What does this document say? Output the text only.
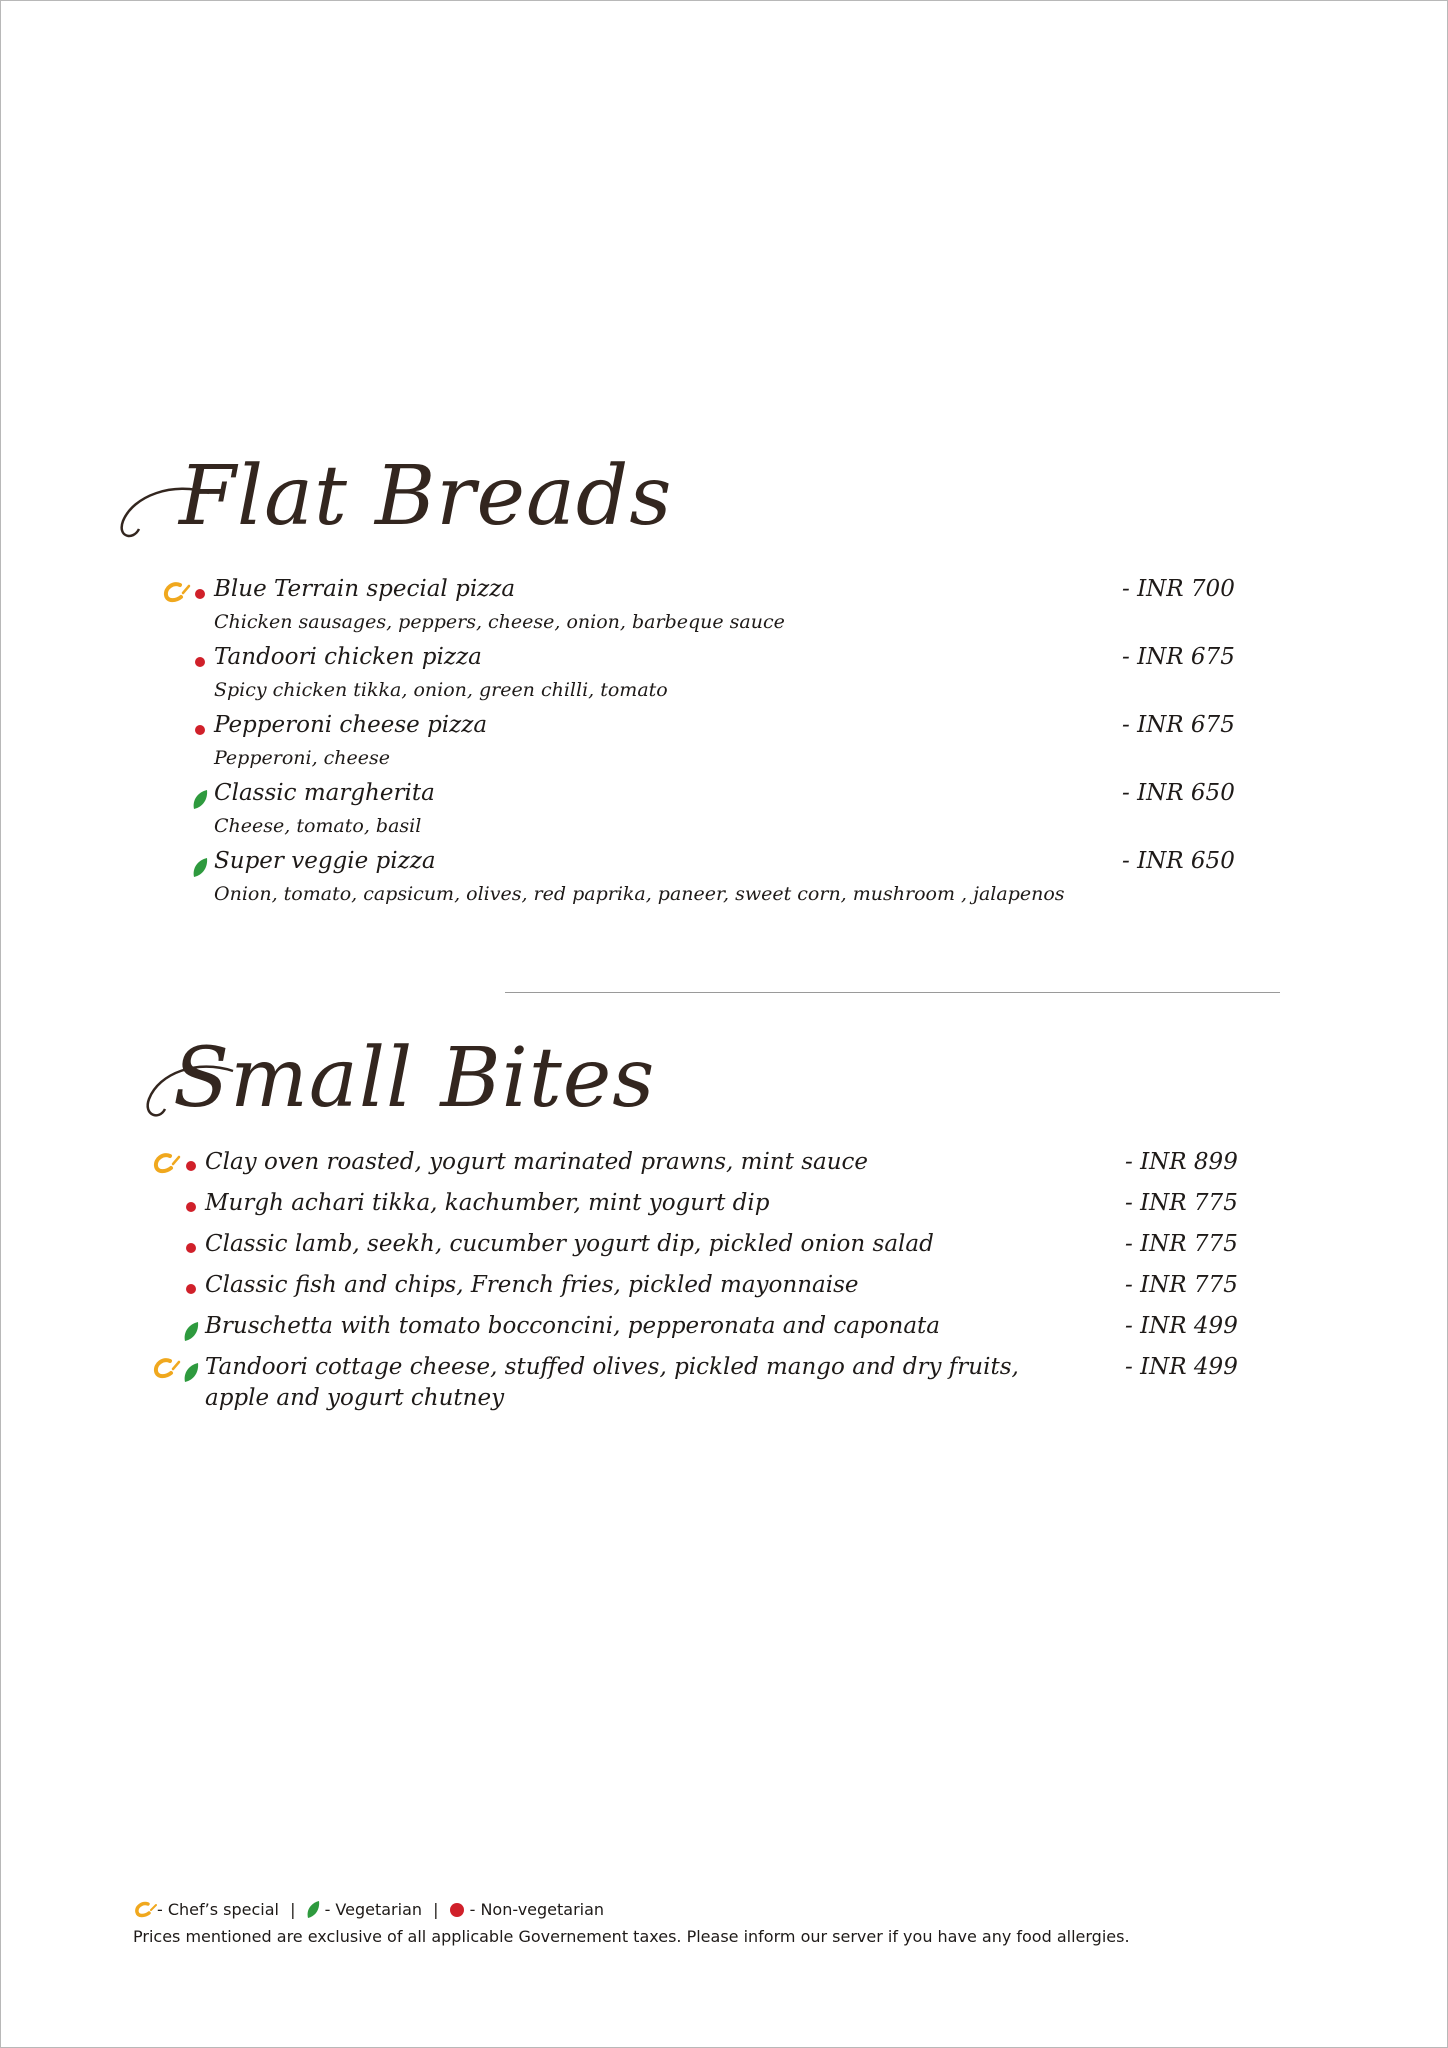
Flat Breads
Blue Terrain special pizza
Chicken sausages, peppers, cheese, onion, barbeque sauce
- INR 700
Tandoori chicken pizza
Spicy chicken tikka, onion, green chilli, tomato
- INR 675
Pepperoni cheese pizza
Pepperoni, cheese
- INR 675
Classic margherita
Cheese, tomato, basil
- INR 650
Super veggie pizza
Onion, tomato, capsicum, olives, red paprika, paneer, sweet corn, mushroom , jalapenos
- INR 650
Small Bites
Clay oven roasted, yogurt marinated prawns, mint sauce	- INR 899
Murgh achari tikka, kachumber, mint yogurt dip	- INR 775
Classic lamb, seekh, cucumber yogurt dip, pickled onion salad	- INR 775
Classic fish and chips, French fries, pickled mayonnaise	- INR 775
Bruschetta with tomato bocconcini, pepperonata and caponata	- INR 499
Tandoori cottage cheese, stuffed olives, pickled mango and dry fruits,
apple and yogurt chutney
- INR 499
- Chef’s special | - Vegetarian | - Non-vegetarian
Prices mentioned are exclusive of all applicable Governement taxes. Please inform our server if you have any food allergies.
